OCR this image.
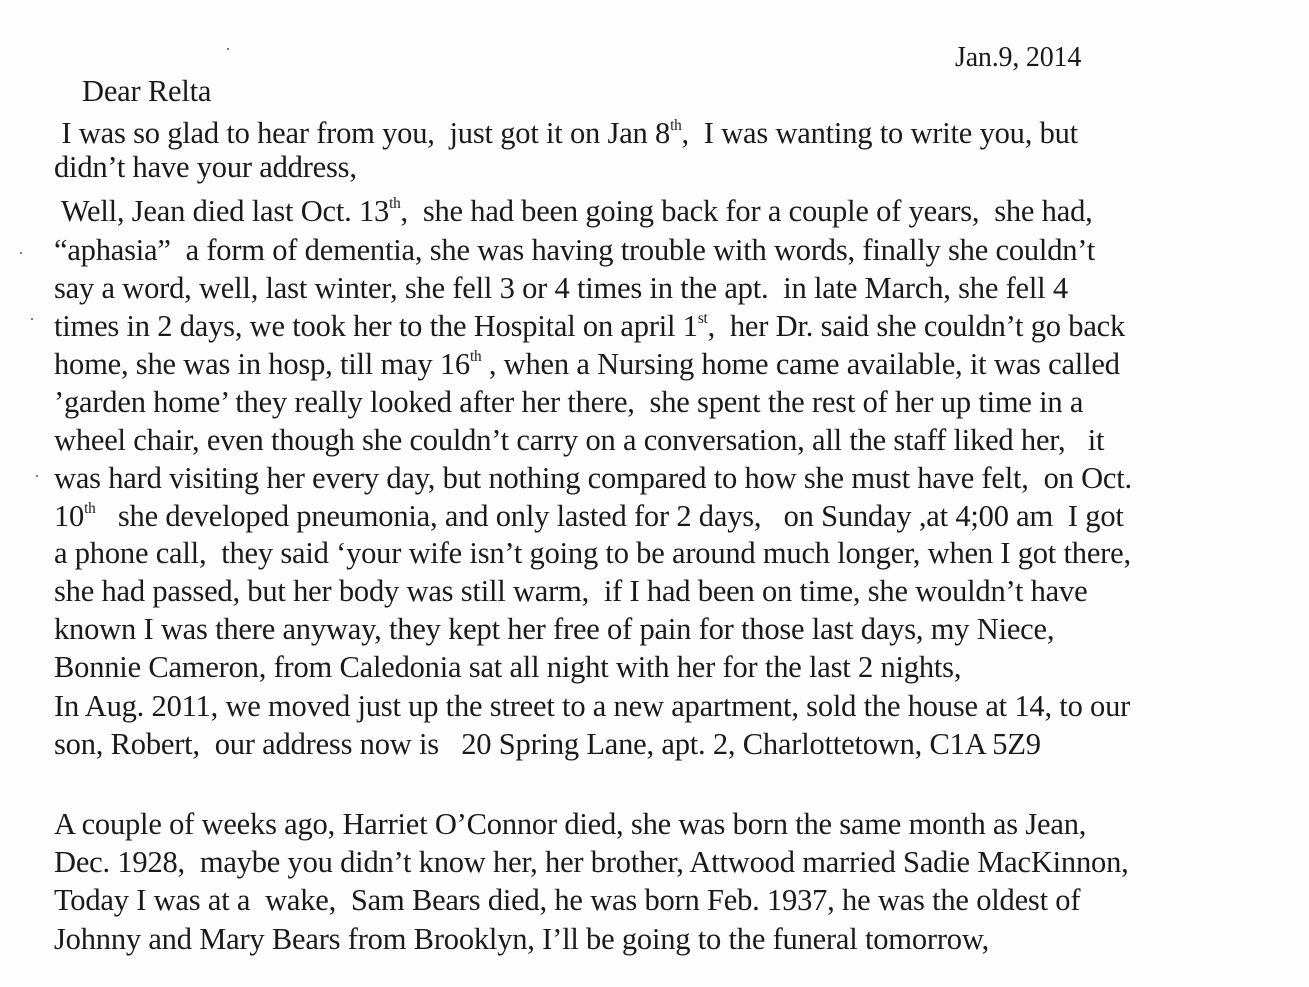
Jan.9, 2014
Dear Relta
I was so glad to hear from you,  just got it on Jan 8th,  I was wanting to write you, but
didn’t have your address,
Well, Jean died last Oct. 13th,  she had been going back for a couple of years,  she had,
“aphasia”  a form of dementia, she was having trouble with words, finally she couldn’t
say a word, well, last winter, she fell 3 or 4 times in the apt.  in late March, she fell 4
times in 2 days, we took her to the Hospital on april 1st,  her Dr. said she couldn’t go back
home, she was in hosp, till may 16th , when a Nursing home came available, it was called
’garden home’ they really looked after her there,  she spent the rest of her up time in a
wheel chair, even though she couldn’t carry on a conversation, all the staff liked her,   it
was hard visiting her every day, but nothing compared to how she must have felt,  on Oct.
10th   she developed pneumonia, and only lasted for 2 days,   on Sunday ,at 4;00 am  I got
a phone call,  they said ‘your wife isn’t going to be around much longer, when I got there,
she had passed, but her body was still warm,  if I had been on time, she wouldn’t have
known I was there anyway, they kept her free of pain for those last days, my Niece,
Bonnie Cameron, from Caledonia sat all night with her for the last 2 nights,
In Aug. 2011, we moved just up the street to a new apartment, sold the house at 14, to our
son, Robert,  our address now is   20 Spring Lane, apt. 2, Charlottetown, C1A 5Z9
A couple of weeks ago, Harriet O’Connor died, she was born the same month as Jean,
Dec. 1928,  maybe you didn’t know her, her brother, Attwood married Sadie MacKinnon,
Today I was at a  wake,  Sam Bears died, he was born Feb. 1937, he was the oldest of
Johnny and Mary Bears from Brooklyn, I’ll be going to the funeral tomorrow,
